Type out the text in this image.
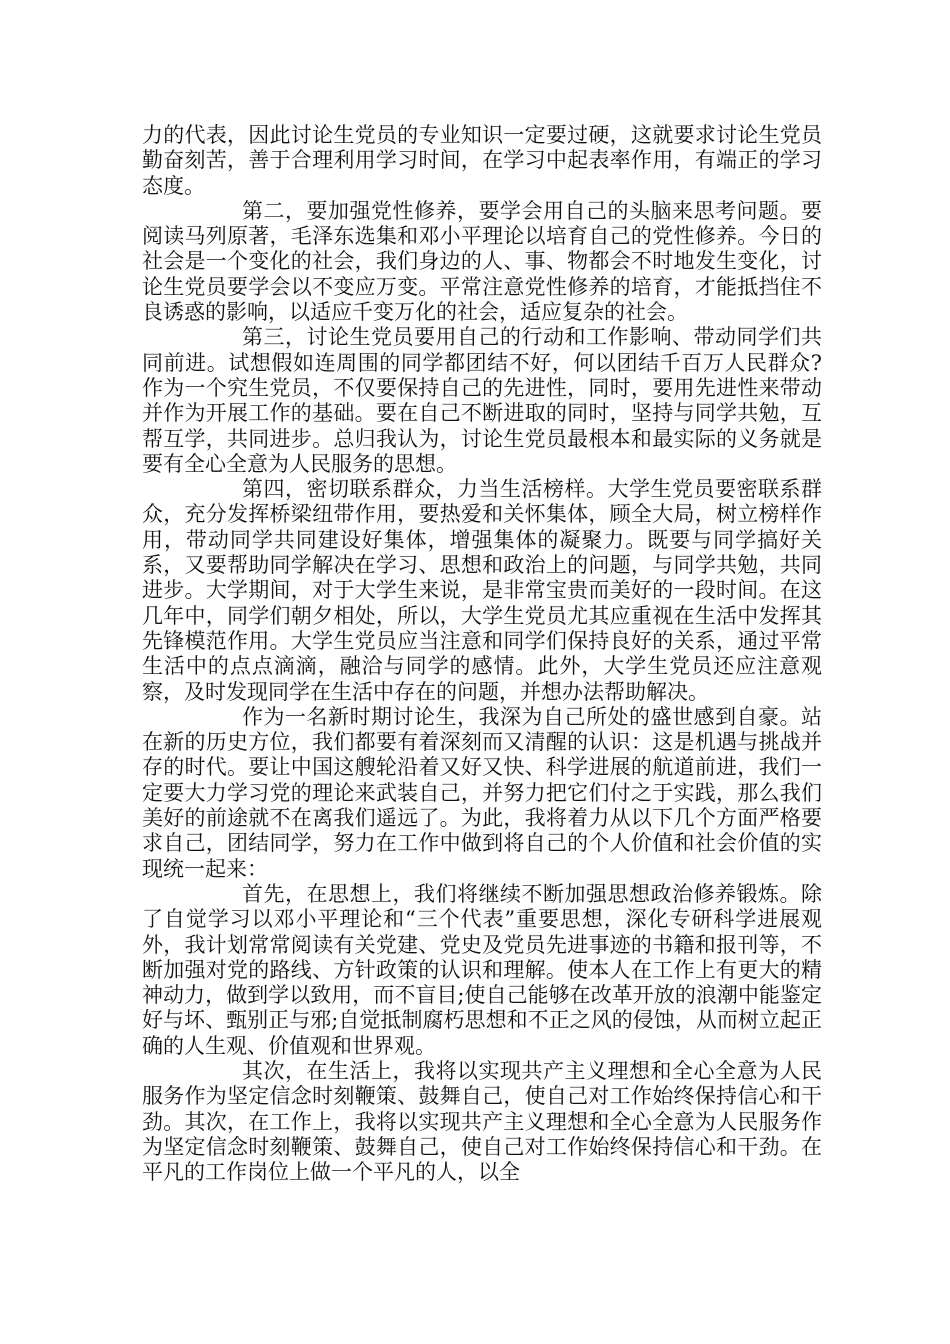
力的代表，因此讨论生党员的专业知识一定要过硬，这就要求讨论生党员勤奋刻苦，善于合理利用学习时间，在学习中起表率作用，有端正的学习态度。

第二，要加强党性修养，要学会用自己的头脑来思考问题。要阅读马列原著，毛泽东选集和邓小平理论以培育自己的党性修养。今日的社会是一个变化的社会，我们身边的人、事、物都会不时地发生变化，讨论生党员要学会以不变应万变。平常注意党性修养的培育，才能抵挡住不良诱惑的影响，以适应千变万化的社会，适应复杂的社会。

第三，讨论生党员要用自己的行动和工作影响、带动同学们共同前进。试想假如连周围的同学都团结不好，何以团结千百万人民群众?作为一个究生党员，不仅要保持自己的先进性，同时，要用先进性来带动并作为开展工作的基础。要在自己不断进取的同时，坚持与同学共勉，互帮互学，共同进步。总归我认为，讨论生党员最根本和最实际的义务就是要有全心全意为人民服务的思想。

第四，密切联系群众，力当生活榜样。大学生党员要密联系群众，充分发挥桥梁纽带作用，要热爱和关怀集体，顾全大局，树立榜样作用，带动同学共同建设好集体，增强集体的凝聚力。既要与同学搞好关系，又要帮助同学解决在学习、思想和政治上的问题，与同学共勉，共同进步。大学期间，对于大学生来说，是非常宝贵而美好的一段时间。在这几年中，同学们朝夕相处，所以，大学生党员尤其应重视在生活中发挥其先锋模范作用。大学生党员应当注意和同学们保持良好的关系，通过平常生活中的点点滴滴，融洽与同学的感情。此外，大学生党员还应注意观察，及时发现同学在生活中存在的问题，并想办法帮助解决。

作为一名新时期讨论生，我深为自己所处的盛世感到自豪。站在新的历史方位，我们都要有着深刻而又清醒的认识：这是机遇与挑战并存的时代。要让中国这艘轮沿着又好又快、科学进展的航道前进，我们一定要大力学习党的理论来武装自己，并努力把它们付之于实践，那么我们美好的前途就不在离我们遥远了。为此，我将着力从以下几个方面严格要求自己，团结同学，努力在工作中做到将自己的个人价值和社会价值的实现统一起来：

首先，在思想上，我们将继续不断加强思想政治修养锻炼。除了自觉学习以邓小平理论和“三个代表”重要思想，深化专研科学进展观外，我计划常常阅读有关党建、党史及党员先进事迹的书籍和报刊等，不断加强对党的路线、方针政策的认识和理解。使本人在工作上有更大的精神动力，做到学以致用，而不盲目;使自己能够在改革开放的浪潮中能鉴定好与坏、甄别正与邪;自觉抵制腐朽思想和不正之风的侵蚀，从而树立起正确的人生观、价值观和世界观。

其次，在生活上，我将以实现共产主义理想和全心全意为人民服务作为坚定信念时刻鞭策、鼓舞自己，使自己对工作始终保持信心和干劲。其次，在工作上，我将以实现共产主义理想和全心全意为人民服务作为坚定信念时刻鞭策、鼓舞自己，使自己对工作始终保持信心和干劲。在平凡的工作岗位上做一个平凡的人，以全
